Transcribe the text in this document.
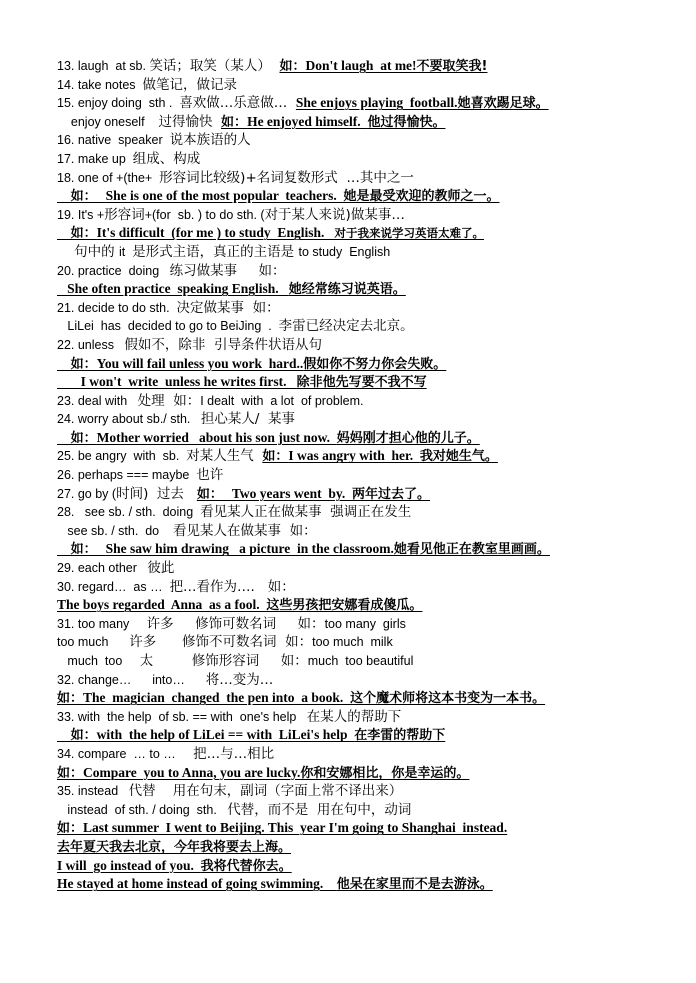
13. laugh  at sb. 笑话；取笑（某人）  如：Don't laugh  at me!不要取笑我!
14. take notes  做笔记，做记录
15. enjoy doing  sth .  喜欢做…乐意做…  She enjoys playing  football.她喜欢踢足球。
enjoy oneself    过得愉快  如：He enjoyed himself.  他过得愉快。
16. native  speaker  说本族语的人
17. make up  组成、构成
18. one of +(the+  形容词比较级)+名词复数形式  …其中之一
如：  She is one of the most popular  teachers.  她是最受欢迎的教师之一。
19. It's +形容词+(for  sb. ) to do sth. (对于某人来说)做某事…
如：It's difficult  (for me ) to study  English.   对于我来说学习英语太难了。
句中的 it  是形式主语，真正的主语是 to study  English
20. practice  doing   练习做某事     如：
She often practice  speaking English.   她经常练习说英语。
21. decide to do sth.  决定做某事  如：
LiLei  has  decided to go to BeiJing  .  李雷已经决定去北京。
22. unless   假如不，除非  引导条件状语从句
如：You will fail unless you work  hard..假如你不努力你会失败。
I won't  write  unless he writes first.   除非他先写要不我不写
23. deal with   处理  如：I dealt  with  a lot  of problem.
24. worry about sb./ sth.   担心某人/  某事
如：Mother worried   about his son just now.  妈妈刚才担心他的儿子。
25. be angry  with  sb.  对某人生气  如：I was angry with  her.  我对她生气。
26. perhaps === maybe  也许
27. go by (时间)  过去   如：  Two years went  by.  两年过去了。
28.   see sb. / sth.  doing  看见某人正在做某事  强调正在发生
see sb. / sth.  do    看见某人在做某事  如：
如：  She saw him drawing   a picture  in the classroom.她看见他正在教室里画画。
29. each other   彼此
30. regard…  as …  把…看作为….   如：
The boys regarded  Anna  as a fool.  这些男孩把安娜看成傻瓜。
31. too many     许多     修饰可数名词     如：too many  girls
too much      许多      修饰不可数名词  如：too much  milk
much  too     太         修饰形容词     如：much  too beautiful
32. change…      into…      将…变为…
如：The  magician  changed  the pen into  a book.  这个魔术师将这本书变为一本书。
33. with  the help  of sb. == with  one's help   在某人的帮助下
如：with  the help of LiLei == with  LiLei's help  在李雷的帮助下
34. compare  … to …     把…与…相比
如：Compare  you to Anna, you are lucky.你和安娜相比，你是幸运的。
35. instead   代替    用在句末，副词（字面上常不译出来）
instead  of sth. / doing  sth.   代替，而不是  用在句中，动词
如：Last summer  I went to Beijing. This  year I'm going to Shanghai  instead.
去年夏天我去北京，今年我将要去上海。
I will  go instead of you.  我将代替你去。
He stayed at home instead of going swimming.    他呆在家里而不是去游泳。
